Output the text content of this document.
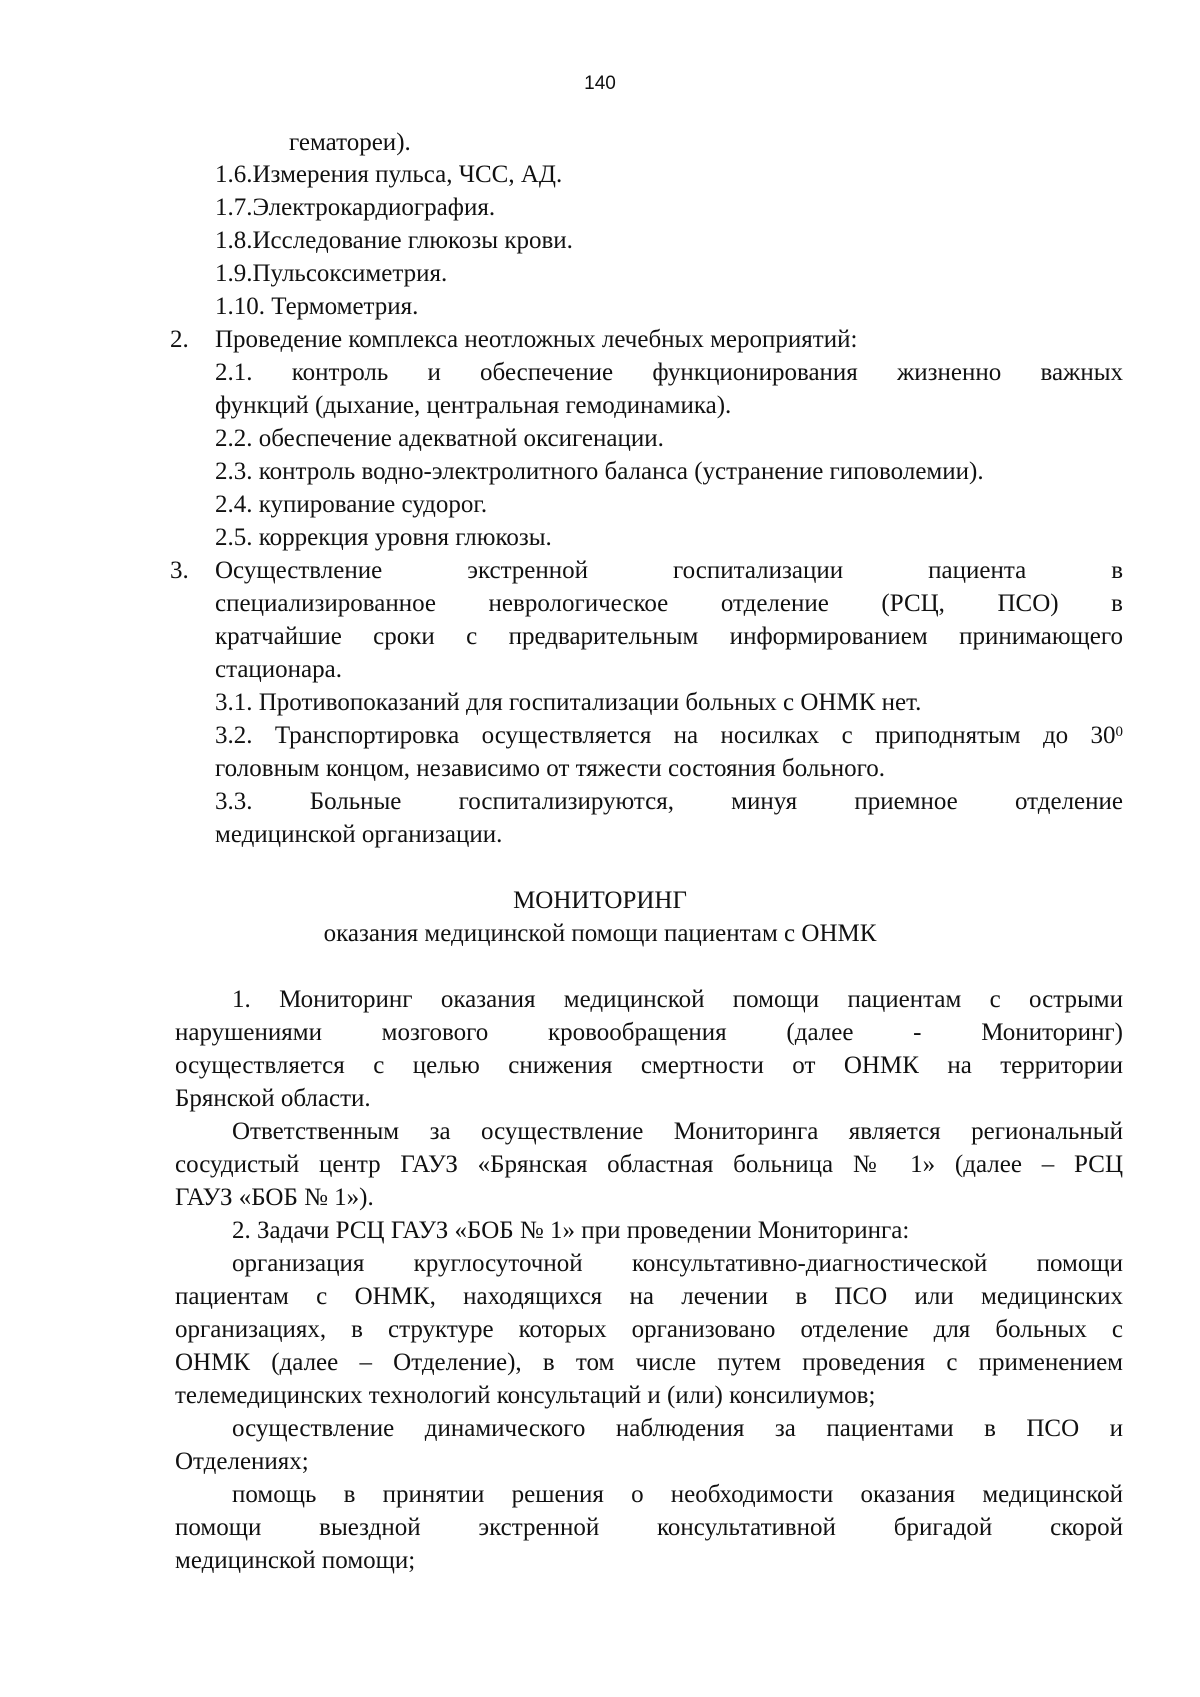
140
гематореи).
1.6.Измерения пульса, ЧСС, АД.
1.7.Электрокардиография.
1.8.Исследование глюкозы крови.
1.9.Пульсоксиметрия.
1.10. Термометрия.
2. Проведение комплекса неотложных лечебных мероприятий:
2.1. контроль и обеспечение функционирования жизненно важных
функций (дыхание, центральная гемодинамика).
2.2. обеспечение адекватной оксигенации.
2.3. контроль водно-электролитного баланса (устранение гиповолемии).
2.4. купирование судорог.
2.5. коррекция уровня глюкозы.
3. Осуществление экстренной госпитализации пациента в
специализированное неврологическое отделение (РСЦ, ПСО) в
кратчайшие сроки с предварительным информированием принимающего
стационара.
3.1. Противопоказаний для госпитализации больных с ОНМК нет.
3.2. Транспортировка осуществляется на носилках с приподнятым до $30^0$
головным концом, независимо от тяжести состояния больного.
3.3. Больные госпитализируются, минуя приемное отделение
медицинской организации.
МОНИТОРИНГ
оказания медицинской помощи пациентам с ОНМК
1. Мониторинг оказания медицинской помощи пациентам с острыми
нарушениями мозгового кровообращения (далее - Мониторинг)
осуществляется с целью снижения смертности от ОНМК на территории
Брянской области.
Ответственным за осуществление Мониторинга является региональный
сосудистый центр ГАУЗ «Брянская областная больница № 1» (далее – РСЦ
ГАУЗ «БОБ № 1»).
2. Задачи РСЦ ГАУЗ «БОБ № 1» при проведении Мониторинга:
организация круглосуточной консультативно-диагностической помощи
пациентам с ОНМК, находящихся на лечении в ПСО или медицинских
организациях, в структуре которых организовано отделение для больных с
ОНМК (далее – Отделение), в том числе путем проведения с применением
телемедицинских технологий консультаций и (или) консилиумов;
осуществление динамического наблюдения за пациентами в ПСО и
Отделениях;
помощь в принятии решения о необходимости оказания медицинской
помощи выездной экстренной консультативной бригадой скорой
медицинской помощи;
